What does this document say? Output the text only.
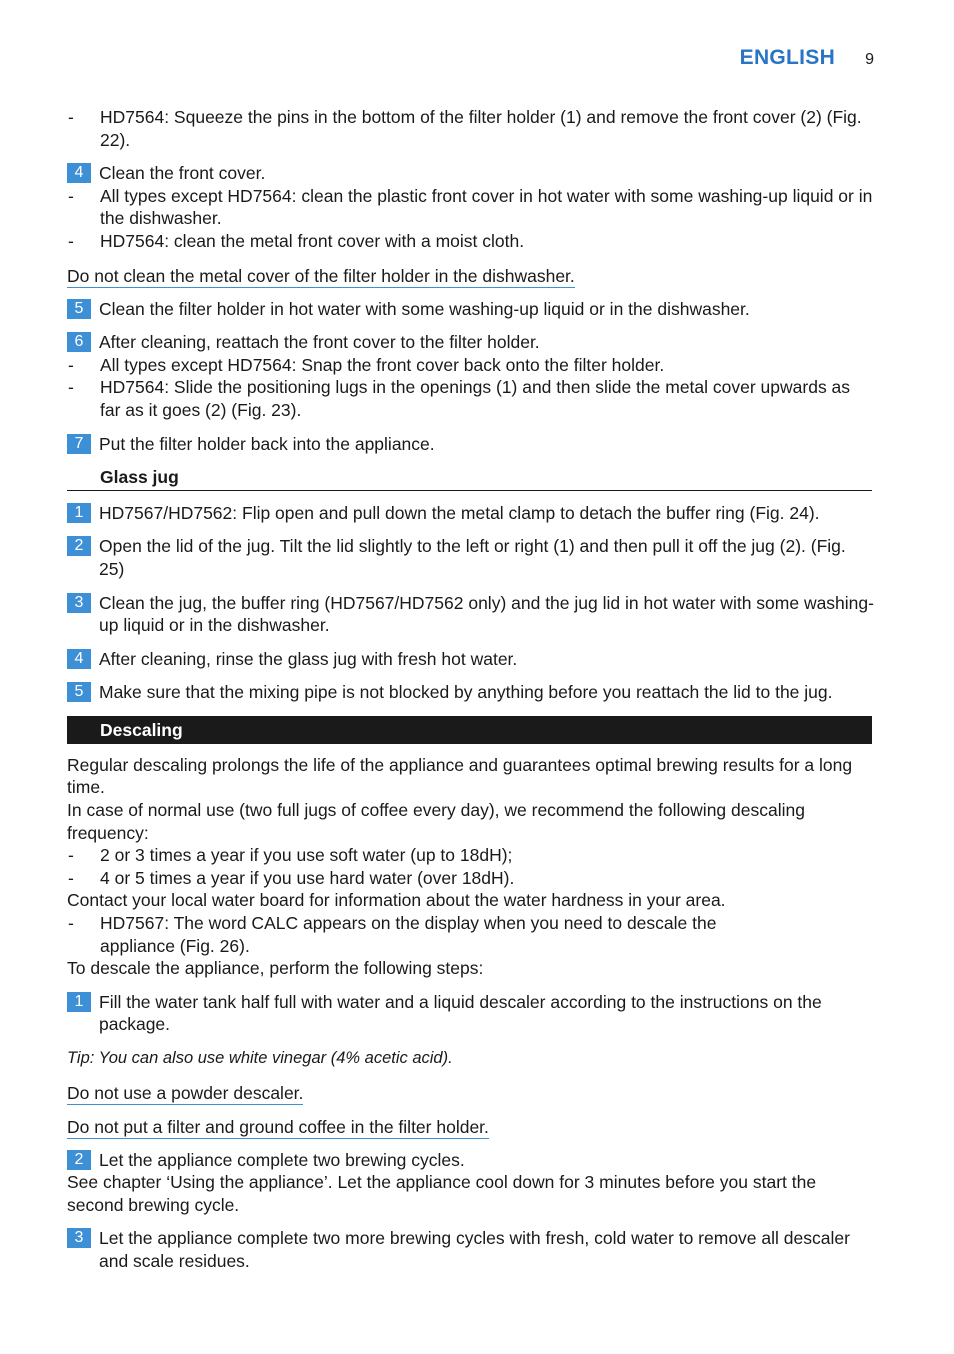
ENGLISH 9
-	HD7564: Squeeze the pins in the bottom of the filter holder (1) and remove the front cover (2) (Fig. 22).
4 Clean the front cover.
-	All types except HD7564: clean the plastic front cover in hot water with some washing-up liquid or in the dishwasher.
-	HD7564: clean the metal front cover with a moist cloth.
Do not clean the metal cover of the filter holder in the dishwasher.
5 Clean the filter holder in hot water with some washing-up liquid or in the dishwasher.
6 After cleaning, reattach the front cover to the filter holder.
-	All types except HD7564: Snap the front cover back onto the filter holder.
-	HD7564: Slide the positioning lugs in the openings (1) and then slide the metal cover upwards as far as it goes (2) (Fig. 23).
7 Put the filter holder back into the appliance.
Glass jug
1 HD7567/HD7562: Flip open and pull down the metal clamp to detach the buffer ring (Fig. 24).
2 Open the lid of the jug. Tilt the lid slightly to the left or right (1) and then pull it off the jug (2). (Fig. 25)
3 Clean the jug, the buffer ring (HD7567/HD7562 only) and the jug lid in hot water with some washing-up liquid or in the dishwasher.
4 After cleaning, rinse the glass jug with fresh hot water.
5 Make sure that the mixing pipe is not blocked by anything before you reattach the lid to the jug.
Descaling
Regular descaling prolongs the life of the appliance and guarantees optimal brewing results for a long time.
In case of normal use (two full jugs of coffee every day), we recommend the following descaling frequency:
-	2 or 3 times a year if you use soft water (up to 18dH);
-	4 or 5 times a year if you use hard water (over 18dH).
Contact your local water board for information about the water hardness in your area.
-	HD7567: The word CALC appears on the display when you need to descale the appliance (Fig. 26).
To descale the appliance, perform the following steps:
1 Fill the water tank half full with water and a liquid descaler according to the instructions on the package.
Tip: You can also use white vinegar (4% acetic acid).
Do not use a powder descaler.
Do not put a filter and ground coffee in the filter holder.
2 Let the appliance complete two brewing cycles.
See chapter ‘Using the appliance’. Let the appliance cool down for 3 minutes before you start the second brewing cycle.
3 Let the appliance complete two more brewing cycles with fresh, cold water to remove all descaler and scale residues.
